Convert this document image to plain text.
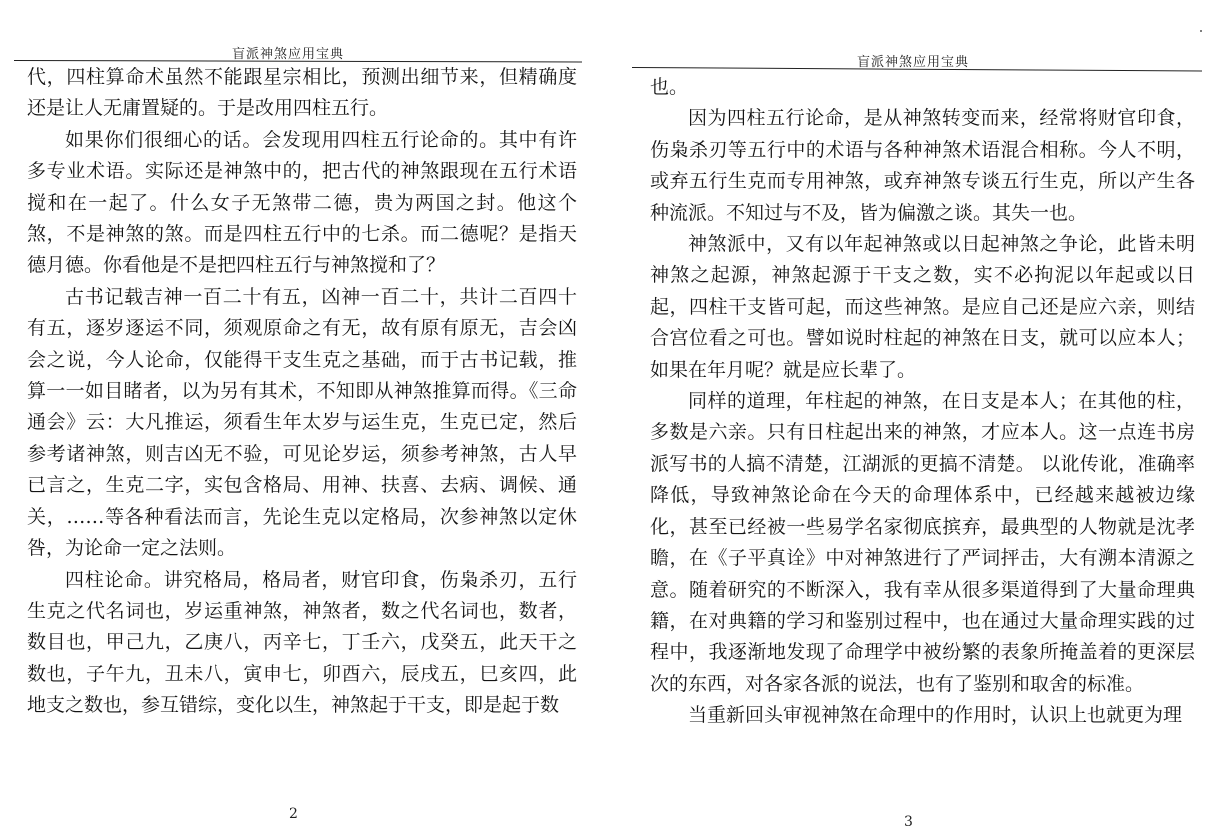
盲派神煞应用宝典

代，四柱算命术虽然不能跟星宗相比，预测出细节来，但精确度还是让人无庸置疑的。于是改用四柱五行。

如果你们很细心的话。会发现用四柱五行论命的。其中有许多专业术语。实际还是神煞中的，把古代的神煞跟现在五行术语搅和在一起了。什么女子无煞带二德，贵为两国之封。他这个煞，不是神煞的煞。而是四柱五行中的七杀。而二德呢？是指天德月德。你看他是不是把四柱五行与神煞搅和了？

古书记载吉神一百二十有五，凶神一百二十，共计二百四十有五，逐岁逐运不同，须观原命之有无，故有原有原无，吉会凶会之说，今人论命，仅能得干支生克之基础，而于古书记载，推算一一如目睹者，以为另有其术，不知即从神煞推算而得。《三命通会》云：大凡推运，须看生年太岁与运生克，生克已定，然后参考诸神煞，则吉凶无不验，可见论岁运，须参考神煞，古人早已言之，生克二字，实包含格局、用神、扶喜、去病、调候、通关，……等各种看法而言，先论生克以定格局，次参神煞以定休咎，为论命一定之法则。

四柱论命。讲究格局，格局者，财官印食，伤枭杀刃，五行生克之代名词也，岁运重神煞，神煞者，数之代名词也，数者，数目也，甲己九，乙庚八，丙辛七，丁壬六，戊癸五，此天干之数也，子午九，丑未八，寅申七，卯酉六，辰戌五，巳亥四，此地支之数也，参互错综，变化以生，神煞起于干支，即是起于数

2
盲派神煞应用宝典

也。

因为四柱五行论命，是从神煞转变而来，经常将财官印食，伤枭杀刃等五行中的术语与各种神煞术语混合相称。今人不明，或弃五行生克而专用神煞，或弃神煞专谈五行生克，所以产生各种流派。不知过与不及，皆为偏激之谈。其失一也。

神煞派中，又有以年起神煞或以日起神煞之争论，此皆未明神煞之起源，神煞起源于干支之数，实不必拘泥以年起或以日起，四柱干支皆可起，而这些神煞。是应自己还是应六亲，则结合宫位看之可也。譬如说时柱起的神煞在日支，就可以应本人；如果在年月呢？就是应长辈了。

同样的道理，年柱起的神煞，在日支是本人；在其他的柱，多数是六亲。只有日柱起出来的神煞，才应本人。这一点连书房派写书的人搞不清楚，江湖派的更搞不清楚。 以讹传讹，准确率降低，导致神煞论命在今天的命理体系中，已经越来越被边缘化，甚至已经被一些易学名家彻底摈弃，最典型的人物就是沈孝瞻，在《子平真诠》中对神煞进行了严词抨击，大有溯本清源之意。随着研究的不断深入，我有幸从很多渠道得到了大量命理典籍，在对典籍的学习和鉴别过程中，也在通过大量命理实践的过程中，我逐渐地发现了命理学中被纷繁的表象所掩盖着的更深层次的东西，对各家各派的说法，也有了鉴别和取舍的标准。

当重新回头审视神煞在命理中的作用时，认识上也就更为理

3
